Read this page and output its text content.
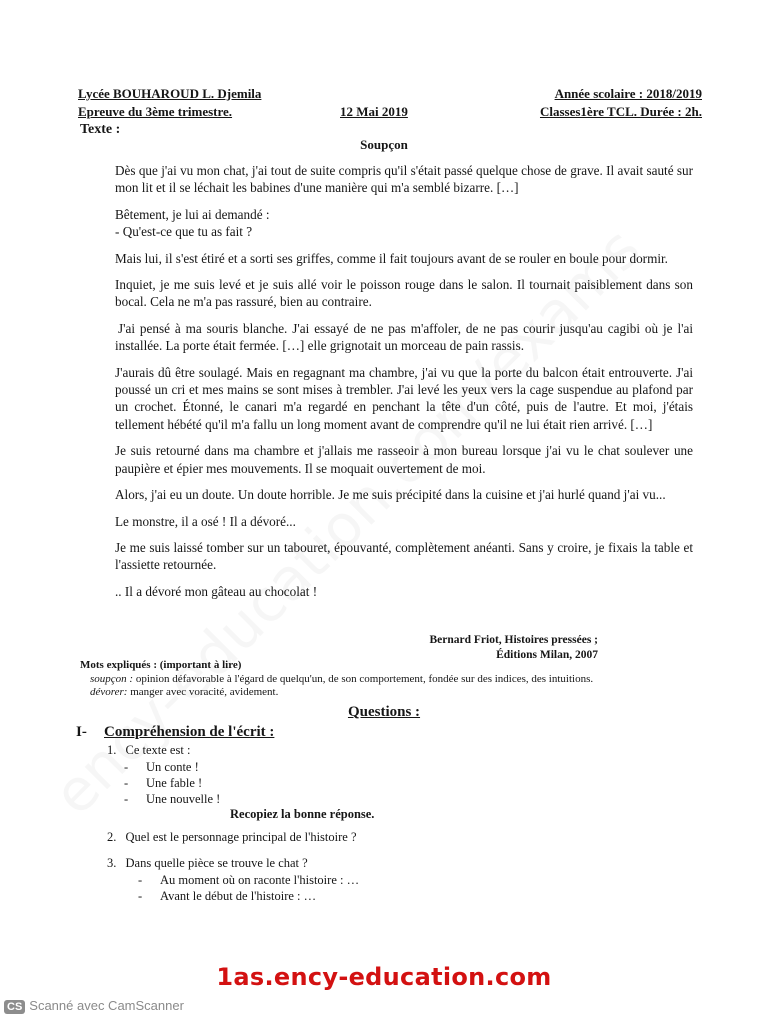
Lycée BOUHAROUD L. Djemila	Année scolaire : 2018/2019
Epreuve du 3ème trimestre.	12 Mai 2019	Classes1ère TCL. Durée : 2h.
Texte :
Soupçon

Dès que j'ai vu mon chat, j'ai tout de suite compris qu'il s'était passé quelque chose de grave. Il avait sauté sur mon lit et il se léchait les babines d'une manière qui m'a semblé bizarre. […]

Bêtement, je lui ai demandé :

- Qu'est-ce que tu as fait ?

Mais lui, il s'est étiré et a sorti ses griffes, comme il fait toujours avant de se rouler en boule pour dormir.

Inquiet, je me suis levé et je suis allé voir le poisson rouge dans le salon. Il tournait paisiblement dans son bocal. Cela ne m'a pas rassuré, bien au contraire.

J'ai pensé à ma souris blanche. J'ai essayé de ne pas m'affoler, de ne pas courir jusqu'au cagibi où je l'ai installée. La porte était fermée. […] elle grignotait un morceau de pain rassis.

J'aurais dû être soulagé. Mais en regagnant ma chambre, j'ai vu que la porte du balcon était entrouverte. J'ai poussé un cri et mes mains se sont mises à trembler. J'ai levé les yeux vers la cage suspendue au plafond par un crochet. Étonné, le canari m'a regardé en penchant la tête d'un côté, puis de l'autre. Et moi, j'étais tellement hébété qu'il m'a fallu un long moment avant de comprendre qu'il ne lui était rien arrivé. […]

Je suis retourné dans ma chambre et j'allais me rasseoir à mon bureau lorsque j'ai vu le chat soulever une paupière et épier mes mouvements. Il se moquait ouvertement de moi.

Alors, j'ai eu un doute. Un doute horrible. Je me suis précipité dans la cuisine et j'ai hurlé quand j'ai vu...

Le monstre, il a osé ! Il a dévoré...

Je me suis laissé tomber sur un tabouret, épouvanté, complètement anéanti. Sans y croire, je fixais la table et l'assiette retournée.

.. Il a dévoré mon gâteau au chocolat !

Bernard Friot, Histoires pressées ;
Éditions Milan, 2007
Mots expliqués : (important à lire)
soupçon : opinion défavorable à l'égard de quelqu'un, de son comportement, fondée sur des indices, des intuitions.
dévorer: manger avec voracité, avidement.
Questions :
I- Compréhension de l'écrit :
1. Ce texte est :
- Un conte !
- Une fable !
- Une nouvelle !
Recopiez la bonne réponse.
2. Quel est le personnage principal de l'histoire ?
3. Dans quelle pièce se trouve le chat ?
- Au moment où on raconte l'histoire : …
- Avant le début de l'histoire : …
1as.ency-education.com
CS Scanné avec CamScanner
